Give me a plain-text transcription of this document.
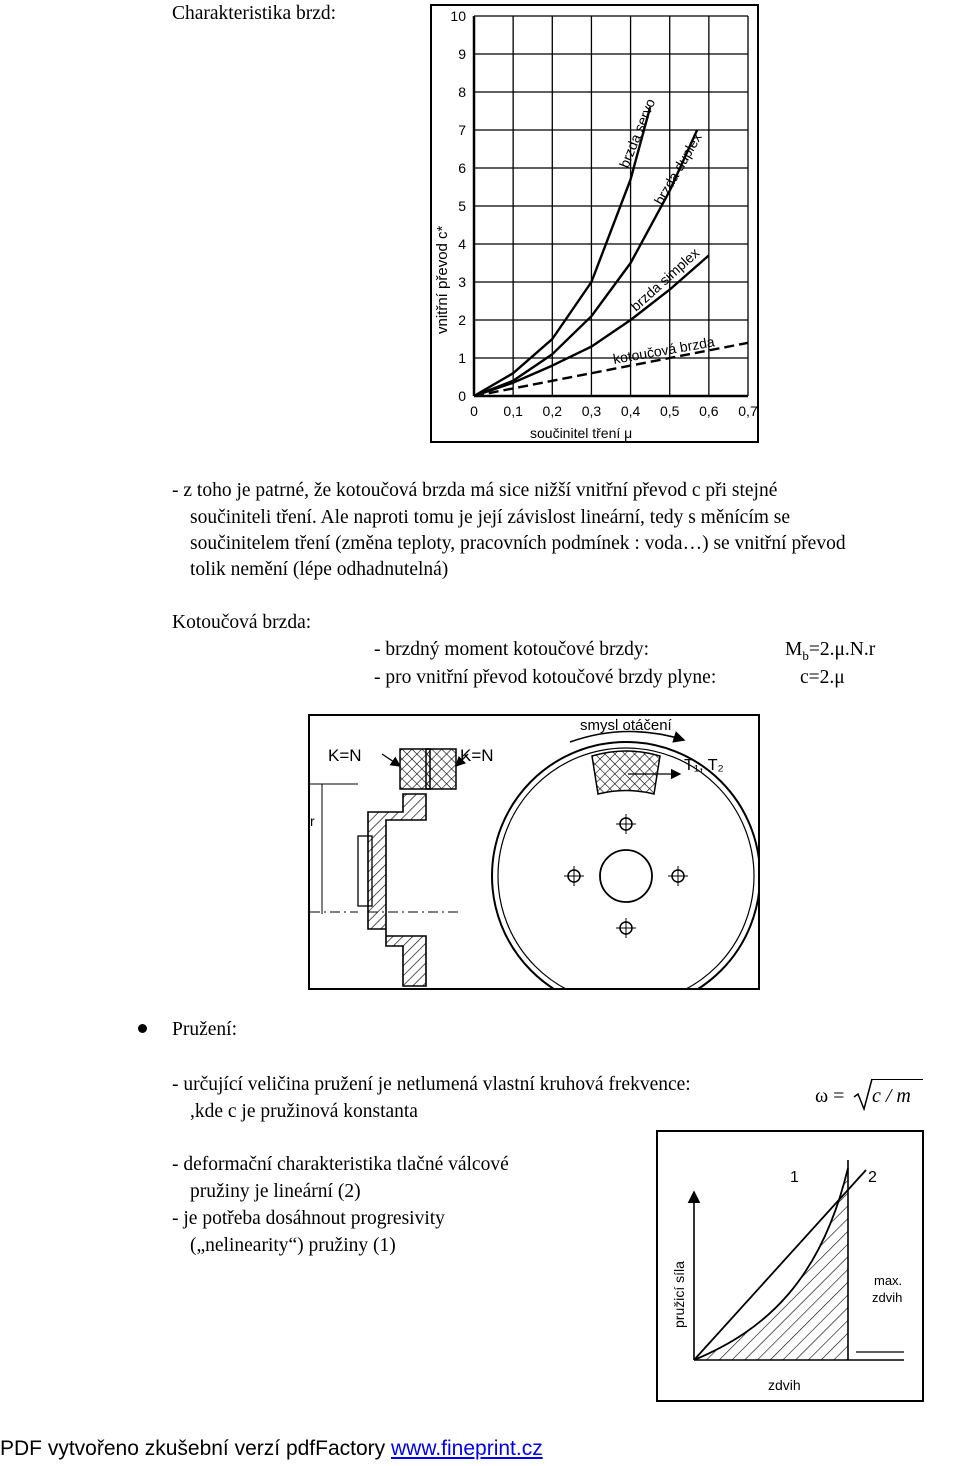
Charakteristika brzd:
0
1
2
3
4
5
6
7
8
9
10
0 0,1 0,2 0,3 0,4 0,5 0,6 0,7
vnitřní převod c*
součinitel tření μ
brzda servo
brzda duplex
brzda simplex
kotoučová brzda
- z toho je patrné, že kotoučová brzda má sice nižší vnitřní převod c při stejné
součiniteli tření. Ale naproti tomu je její závislost lineární, tedy s měnícím se
součinitelem tření (změna teploty, pracovních podmínek : voda…) se vnitřní převod
tolik nemění (lépe odhadnutelná)
Kotoučová brzda:
- brzdný moment kotoučové brzdy:	$M_b=2.\mu.N.r$
- pro vnitřní převod kotoučové brzdy plyne:	c=2.μ
K=N	K=N
smysl otáčení
T₁, T₂
r
Pružení:
- určující veličina pružení je netlumená vlastní kruhová frekvence:
,kde c je pružinová konstanta
ω = c / m
- deformační charakteristika tlačné válcové
pružiny je lineární (2)
- je potřeba dosáhnout progresivity
(„nelinearity“) pružiny (1)
pružicí síla
zdvih
1	2
max.
zdvih
PDF vytvořeno zkušební verzí pdfFactory www.fineprint.cz
